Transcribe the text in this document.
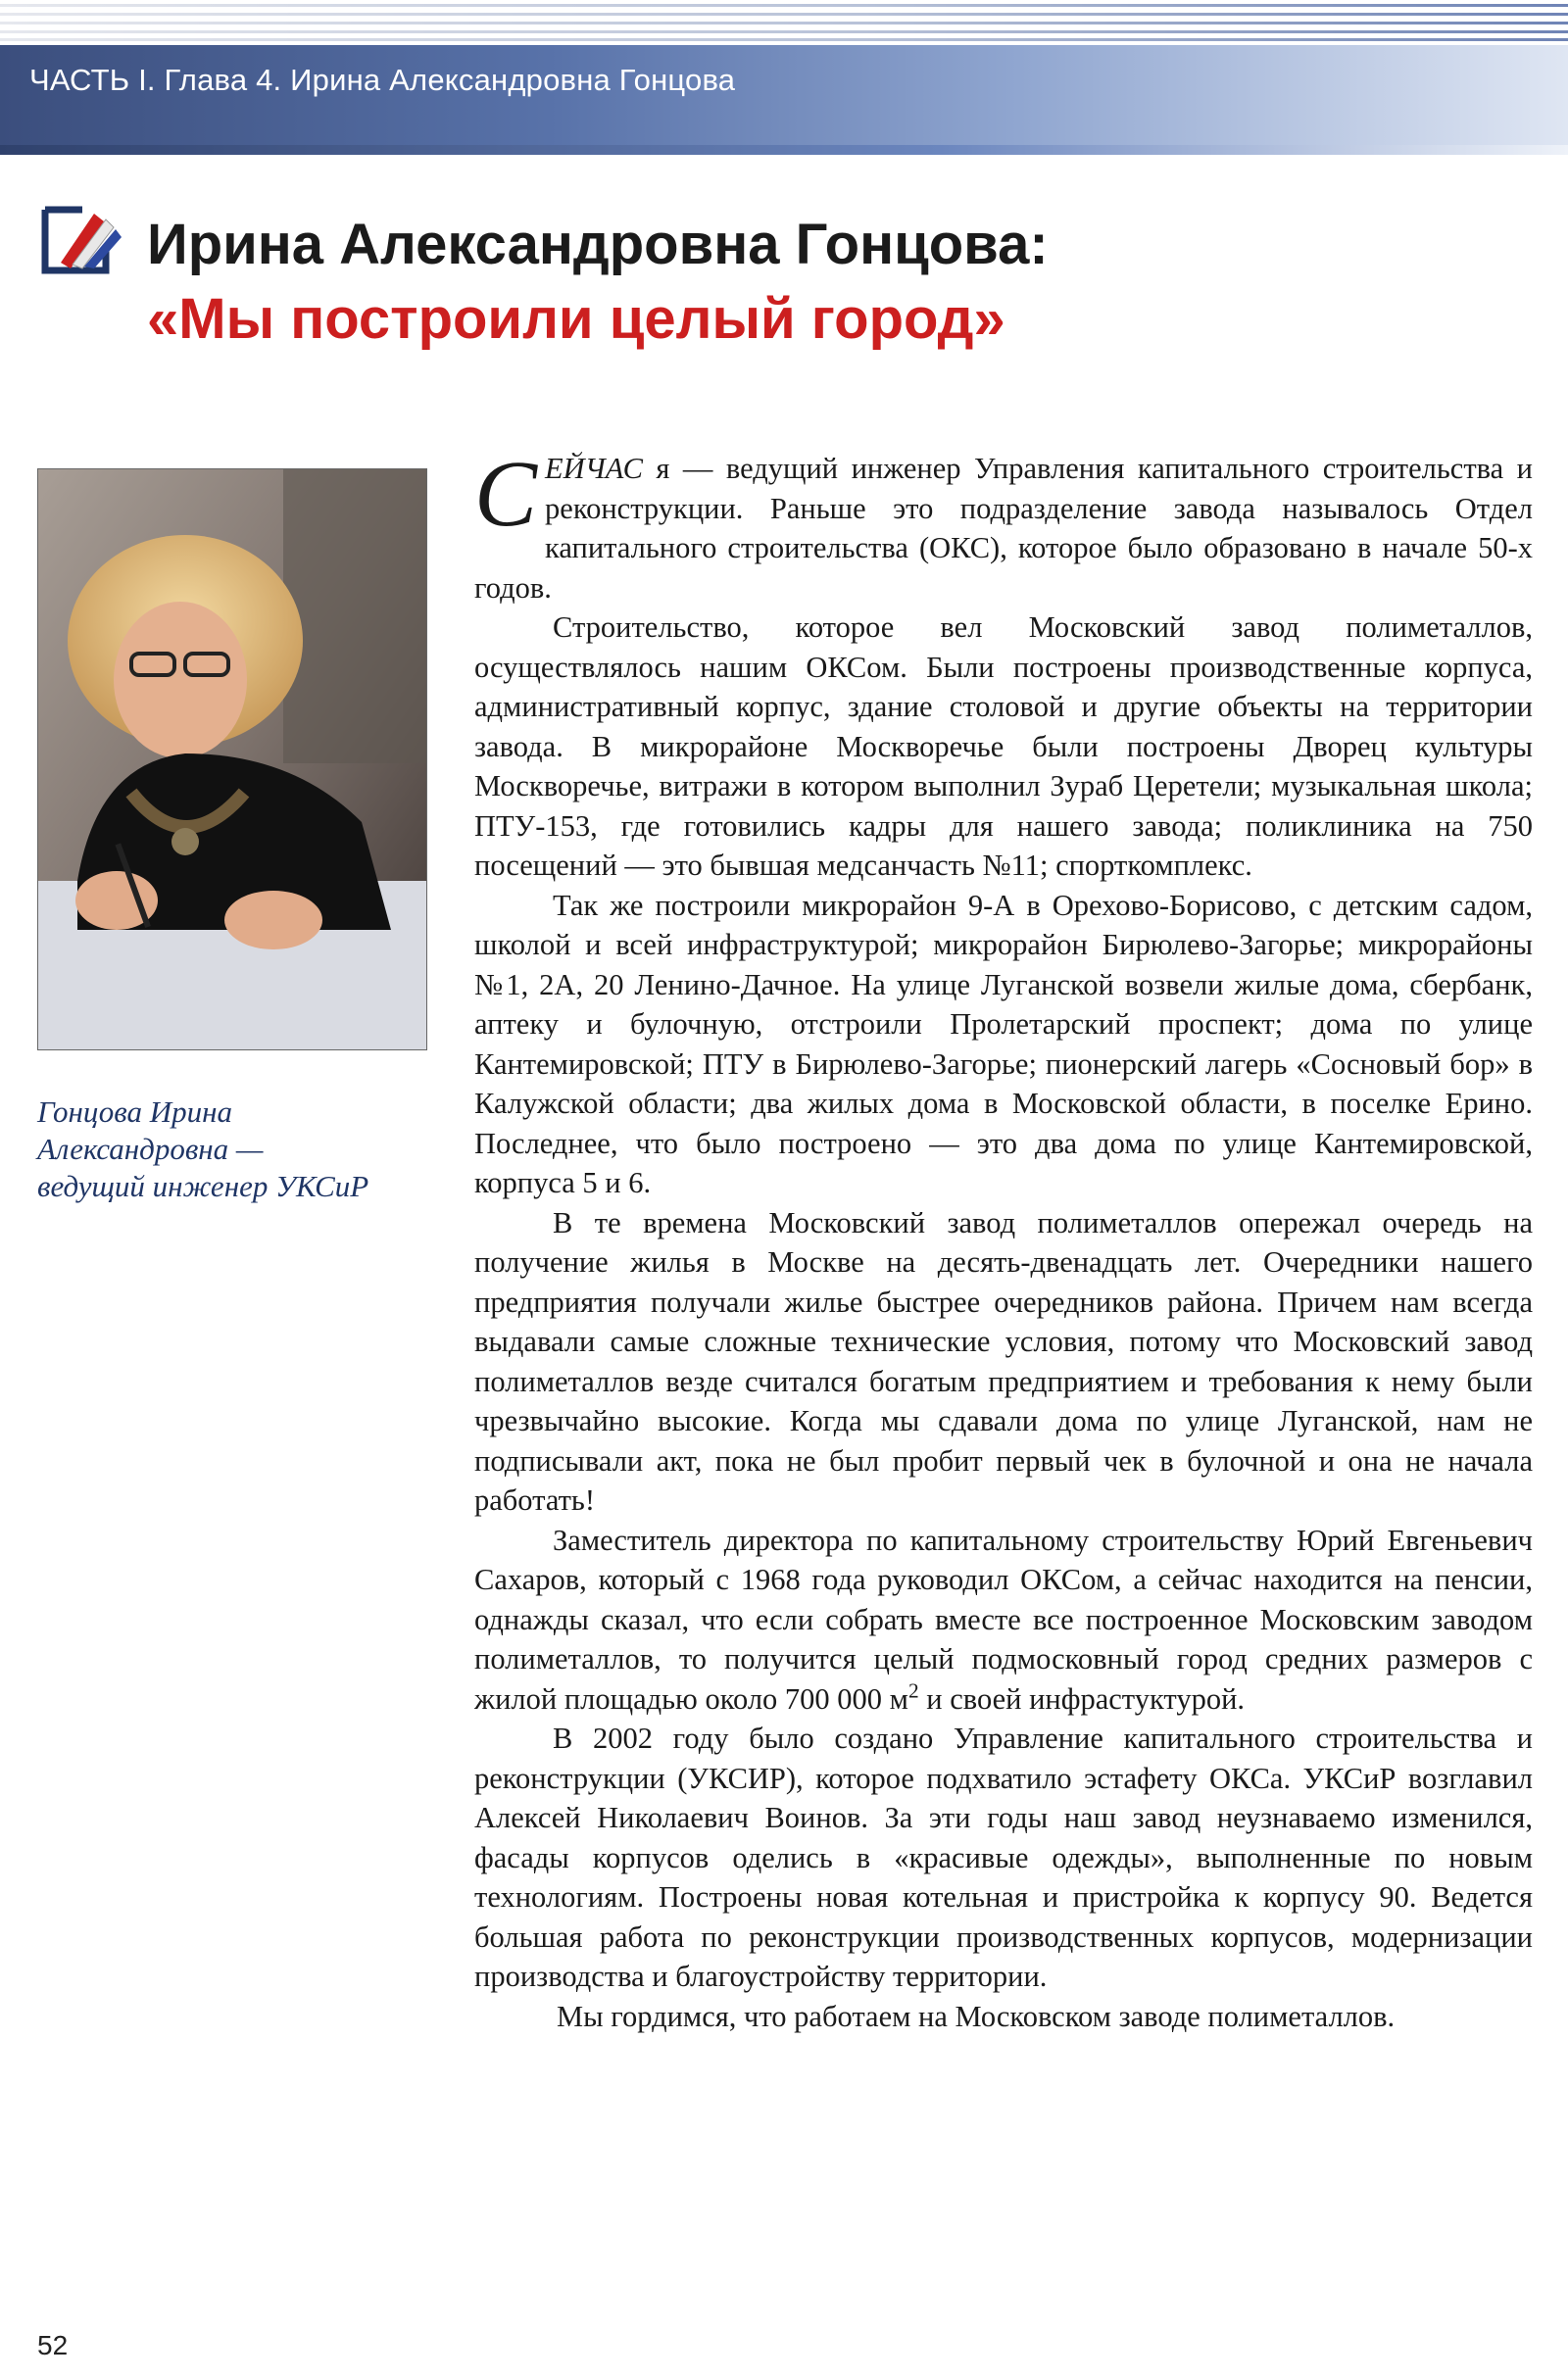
ЧАСТЬ I. Глава 4. Ирина Александровна Гонцова
Ирина Александровна Гонцова:
«Мы построили целый город»
Гонцова Ирина
Александровна —
ведущий инженер УКСиР

СЕЙЧАС я — ведущий инженер Управления капитального строительства и реконструкции. Раньше это подразделение завода называлось Отдел капитального строительства (ОКС), которое было образовано в начале 50-х годов.

Строительство, которое вел Московский завод полиметаллов, осуществлялось нашим ОКСом. Были построены производственные корпуса, административный корпус, здание столовой и другие объекты на территории завода. В микрорайоне Москворечье были построены Дворец культуры Москворечье, витражи в котором выполнил Зураб Церетели; музыкальная школа; ПТУ-153, где готовились кадры для нашего завода; поликлиника на 750 посещений — это бывшая медсанчасть №11; спорткомплекс.

Так же построили микрорайон 9-А в Орехово-Борисово, с детским садом, школой и всей инфраструктурой; микрорайон Бирюлево-Загорье; микрорайоны №1, 2А, 20 Ленино-Дачное. На улице Луганской возвели жилые дома, сбербанк, аптеку и булочную, отстроили Пролетарский проспект; дома по улице Кантемировской; ПТУ в Бирюлево-Загорье; пионерский лагерь «Сосновый бор» в Калужской области; два жилых дома в Московской области, в поселке Ерино. Последнее, что было построено — это два дома по улице Кантемировской, корпуса 5 и 6.

В те времена Московский завод полиметаллов опережал очередь на получение жилья в Москве на десять-двенадцать лет. Очередники нашего предприятия получали жилье быстрее очередников района. Причем нам всегда выдавали самые сложные технические условия, потому что Московский завод полиметаллов везде считался богатым предприятием и требования к нему были чрезвычайно высокие. Когда мы сдавали дома по улице Луганской, нам не подписывали акт, пока не был пробит первый чек в булочной и она не начала работать!

Заместитель директора по капитальному строительству Юрий Евгеньевич Сахаров, который с 1968 года руководил ОКСом, а сейчас находится на пенсии, однажды сказал, что если собрать вместе все построенное Московским заводом полиметаллов, то получится целый подмосковный город средних размеров с жилой площадью около 700 000 $м^2$ и своей инфрастуктурой.

В 2002 году было создано Управление капитального строительства и реконструкции (УКСИР), которое подхватило эстафету ОКСа. УКСиР возглавил Алексей Николаевич Воинов. За эти годы наш завод неузнаваемо изменился, фасады корпусов оделись в «красивые одежды», выполненные по новым технологиям. Построены новая котельная и пристройка к корпусу 90. Ведется большая работа по реконструкции производственных корпусов, модернизации производства и благоустройству территории.

Мы гордимся, что работаем на Московском заводе полиметаллов.

52
